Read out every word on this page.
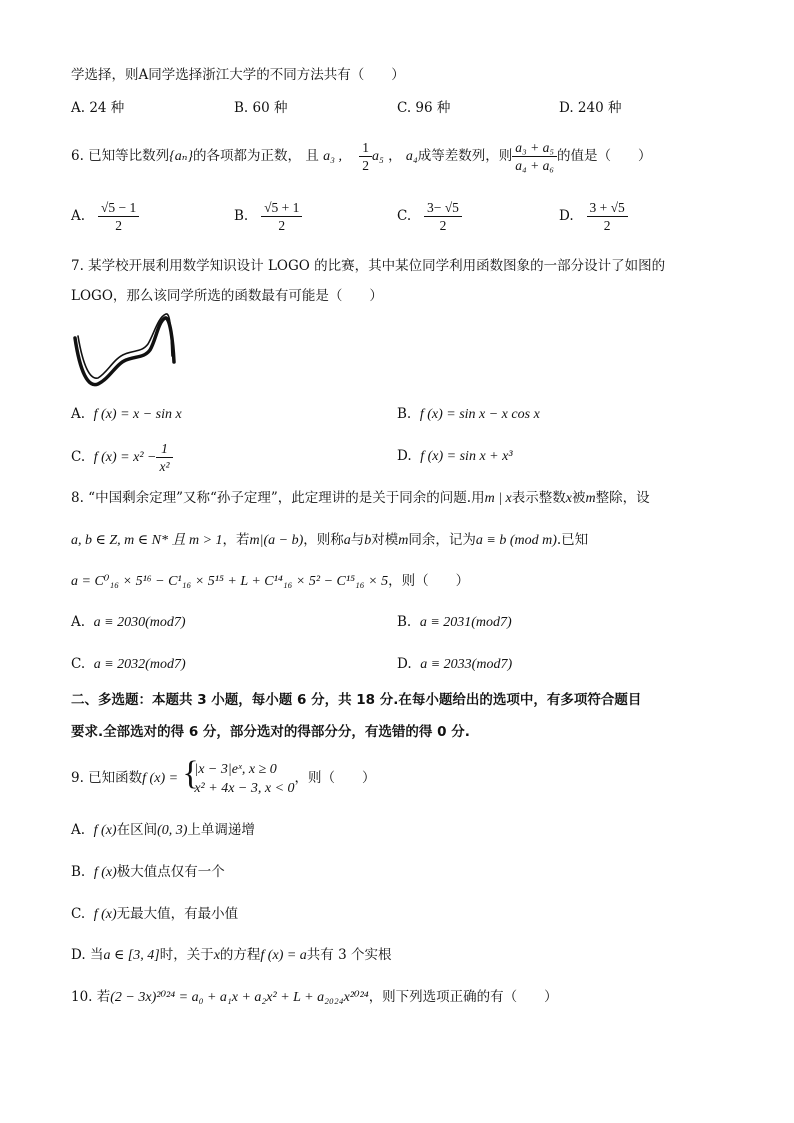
学选择，则A同学选择浙江大学的不同方法共有（　　）
A. 24 种	B. 60 种	C. 96 种	D. 240 种
6. 已知等比数列{aₙ}的各项都为正数， 且 a₃ , $\frac{1}{2} a_5$ ， a₄成等差数列，则 $\frac{\text{a₃ + a₅}}{\text{a₄ + a₆}}$ 的值是（　　）
A. $\frac{√5 - 1}{2}$	B. $\frac{√5 + 1}{2}$	C. $\frac{3- √5}{2}$	D. $\frac{3 + √5}{2}$
7. 某学校开展利用数学知识设计 LOGO 的比赛，其中某位同学利用函数图象的一部分设计了如图的
LOGO，那么该同学所选的函数最有可能是（　　）
A. f (x) = x − sin x	B. f (x) = sin x − x cos x
C. f $(x) = x^2 - \frac{1}{\text{x²}}$	D. f (x) = sin x + x³
8. “中国剩余定理”又称“孙子定理”，此定理讲的是关于同余的问题.用m | x表示整数x被m整除，设
a, b ∈ Z, m ∈ N* 且 m > 1，若m|(a − b)，则称a与b对模m同余，记为a ≡ b (mod m).已知
a = C⁰₁₆ × 5¹⁶ − C¹₁₆ × 5¹⁵ + L + C¹⁴₁₆ × 5² − C¹⁵₁₆ × 5，则（　　）
A. a ≡ 2030(mod7)	B. a ≡ 2031(mod7)
C. a ≡ 2032(mod7)	D. a ≡ 2033(mod7)
二、多选题：本题共 3 小题，每小题 6 分，共 18 分.在每小题给出的选项中，有多项符合题目
要求.全部选对的得 6 分，部分选对的得部分分，有选错的得 0 分.
9. 已知函数f (x) = {
|x − 3|eˣ, x ≥ 0
x² + 4x − 3, x < 0
，则（　　）
A. f (x)在区间(0, 3)上单调递增
B. f (x)极大值点仅有一个
C. f (x)无最大值，有最小值
D. 当a ∈ [3, 4]时，关于x的方程f (x) = a共有 3 个实根
10. 若(2 − 3x)²⁰²⁴ = a₀ + a₁x + a₂x² + L + a₂₀₂₄x²⁰²⁴，则下列选项正确的有（　　）
